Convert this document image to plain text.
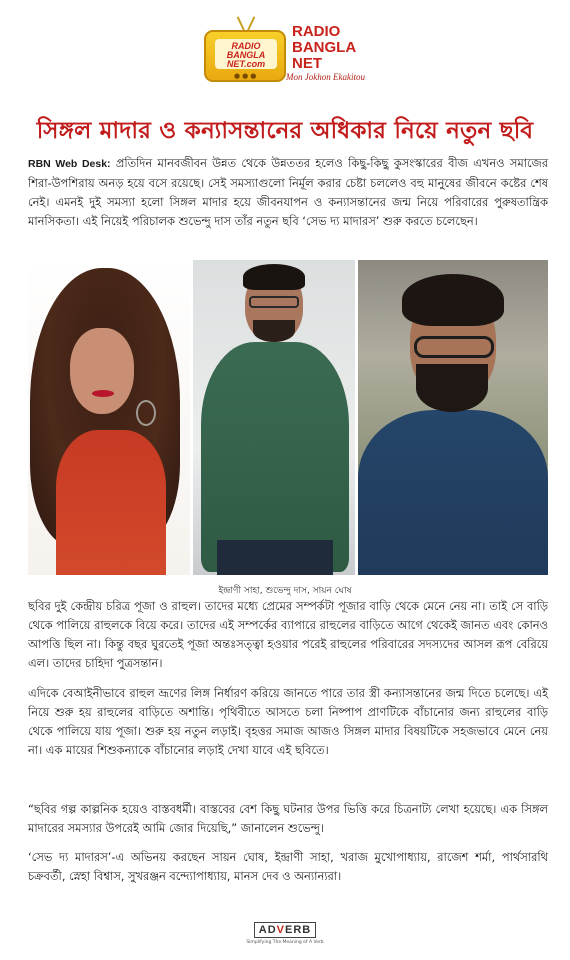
RADIO
BANGLA
NET.com
●●●
RADIO
BANGLA
NET
Mon Jokhon Ekakitou
সিঙ্গল মাদার ও কন্যাসন্তানের অধিকার নিয়ে নতুন ছবি

RBN Web Desk: প্রতিদিন মানবজীবন উন্নত থেকে উন্নততর হলেও কিছু-কিছু কুসংস্কারের বীজ এখনও সমাজের শিরা-উপশিরায় অনড় হয়ে বসে রয়েছে। সেই সমস্যাগুলো নির্মূল করার চেষ্টা চললেও বহু মানুষের জীবনে কষ্টের শেষ নেই। এমনই দুই সমস্যা হলো সিঙ্গল মাদার হয়ে জীবনযাপন ও কন্যাসন্তানের জন্ম নিয়ে পরিবারের পুরুষতান্ত্রিক মানসিকতা। এই নিয়েই পরিচালক শুভেন্দু দাস তাঁর নতুন ছবি ‘সেভ দ্য মাদারস’ শুরু করতে চলেছেন।

ইন্দ্রাণী সাহা, শুভেন্দু দাস, সায়ন ঘোষ

ছবির দুই কেন্দ্রীয় চরিত্র পূজা ও রাহুল। তাদের মধ্যে প্রেমের সম্পর্কটা পূজার বাড়ি থেকে মেনে নেয় না। তাই সে বাড়ি থেকে পালিয়ে রাহুলকে বিয়ে করে। তাদের এই সম্পর্কের ব্যাপারে রাহুলের বাড়িতে আগে থেকেই জানত এবং কোনও আপত্তি ছিল না। কিন্তু বছর ঘুরতেই পূজা অন্তঃসত্ত্বা হওয়ার পরেই রাহুলের পরিবারের সদস্যদের আসল রূপ বেরিয়ে এল। তাদের চাহিদা পুত্রসন্তান।

এদিকে বেআইনীভাবে রাহুল ভ্রূণের লিঙ্গ নির্ধারণ করিয়ে জানতে পারে তার স্ত্রী কন্যাসন্তানের জন্ম দিতে চলেছে। এই নিয়ে শুরু হয় রাহুলের বাড়িতে অশান্তি। পৃথিবীতে আসতে চলা নিষ্পাপ প্রাণটিকে বাঁচানোর জন্য রাহুলের বাড়ি থেকে পালিয়ে যায় পূজা। শুরু হয় নতুন লড়াই। বৃহত্তর সমাজ আজও সিঙ্গল মাদার বিষয়টিকে সহজভাবে মেনে নেয় না। এক মায়ের শিশুকন্যাকে বাঁচানোর লড়াই দেখা যাবে এই ছবিতে।

“ছবির গল্প কাল্পনিক হয়েও বাস্তবধর্মী। বাস্তবের বেশ কিছু ঘটনার উপর ভিত্তি করে চিত্রনাট্য লেখা হয়েছে। এক সিঙ্গল মাদারের সমস্যার উপরেই আমি জোর দিয়েছি,” জানালেন শুভেন্দু।

‘সেভ দ্য মাদারস’-এ অভিনয় করছেন সায়ন ঘোষ, ইন্দ্রাণী সাহা, খরাজ মুখোপাধ্যায়, রাজেশ শর্মা, পার্থসারথি চক্রবর্তী, স্নেহা বিশ্বাস, সুখরঞ্জন বন্দ্যোপাধ্যায়, মানস দেব ও অন্যান্যরা।

ADVERB
Simplifying The Meaning of A Verb
